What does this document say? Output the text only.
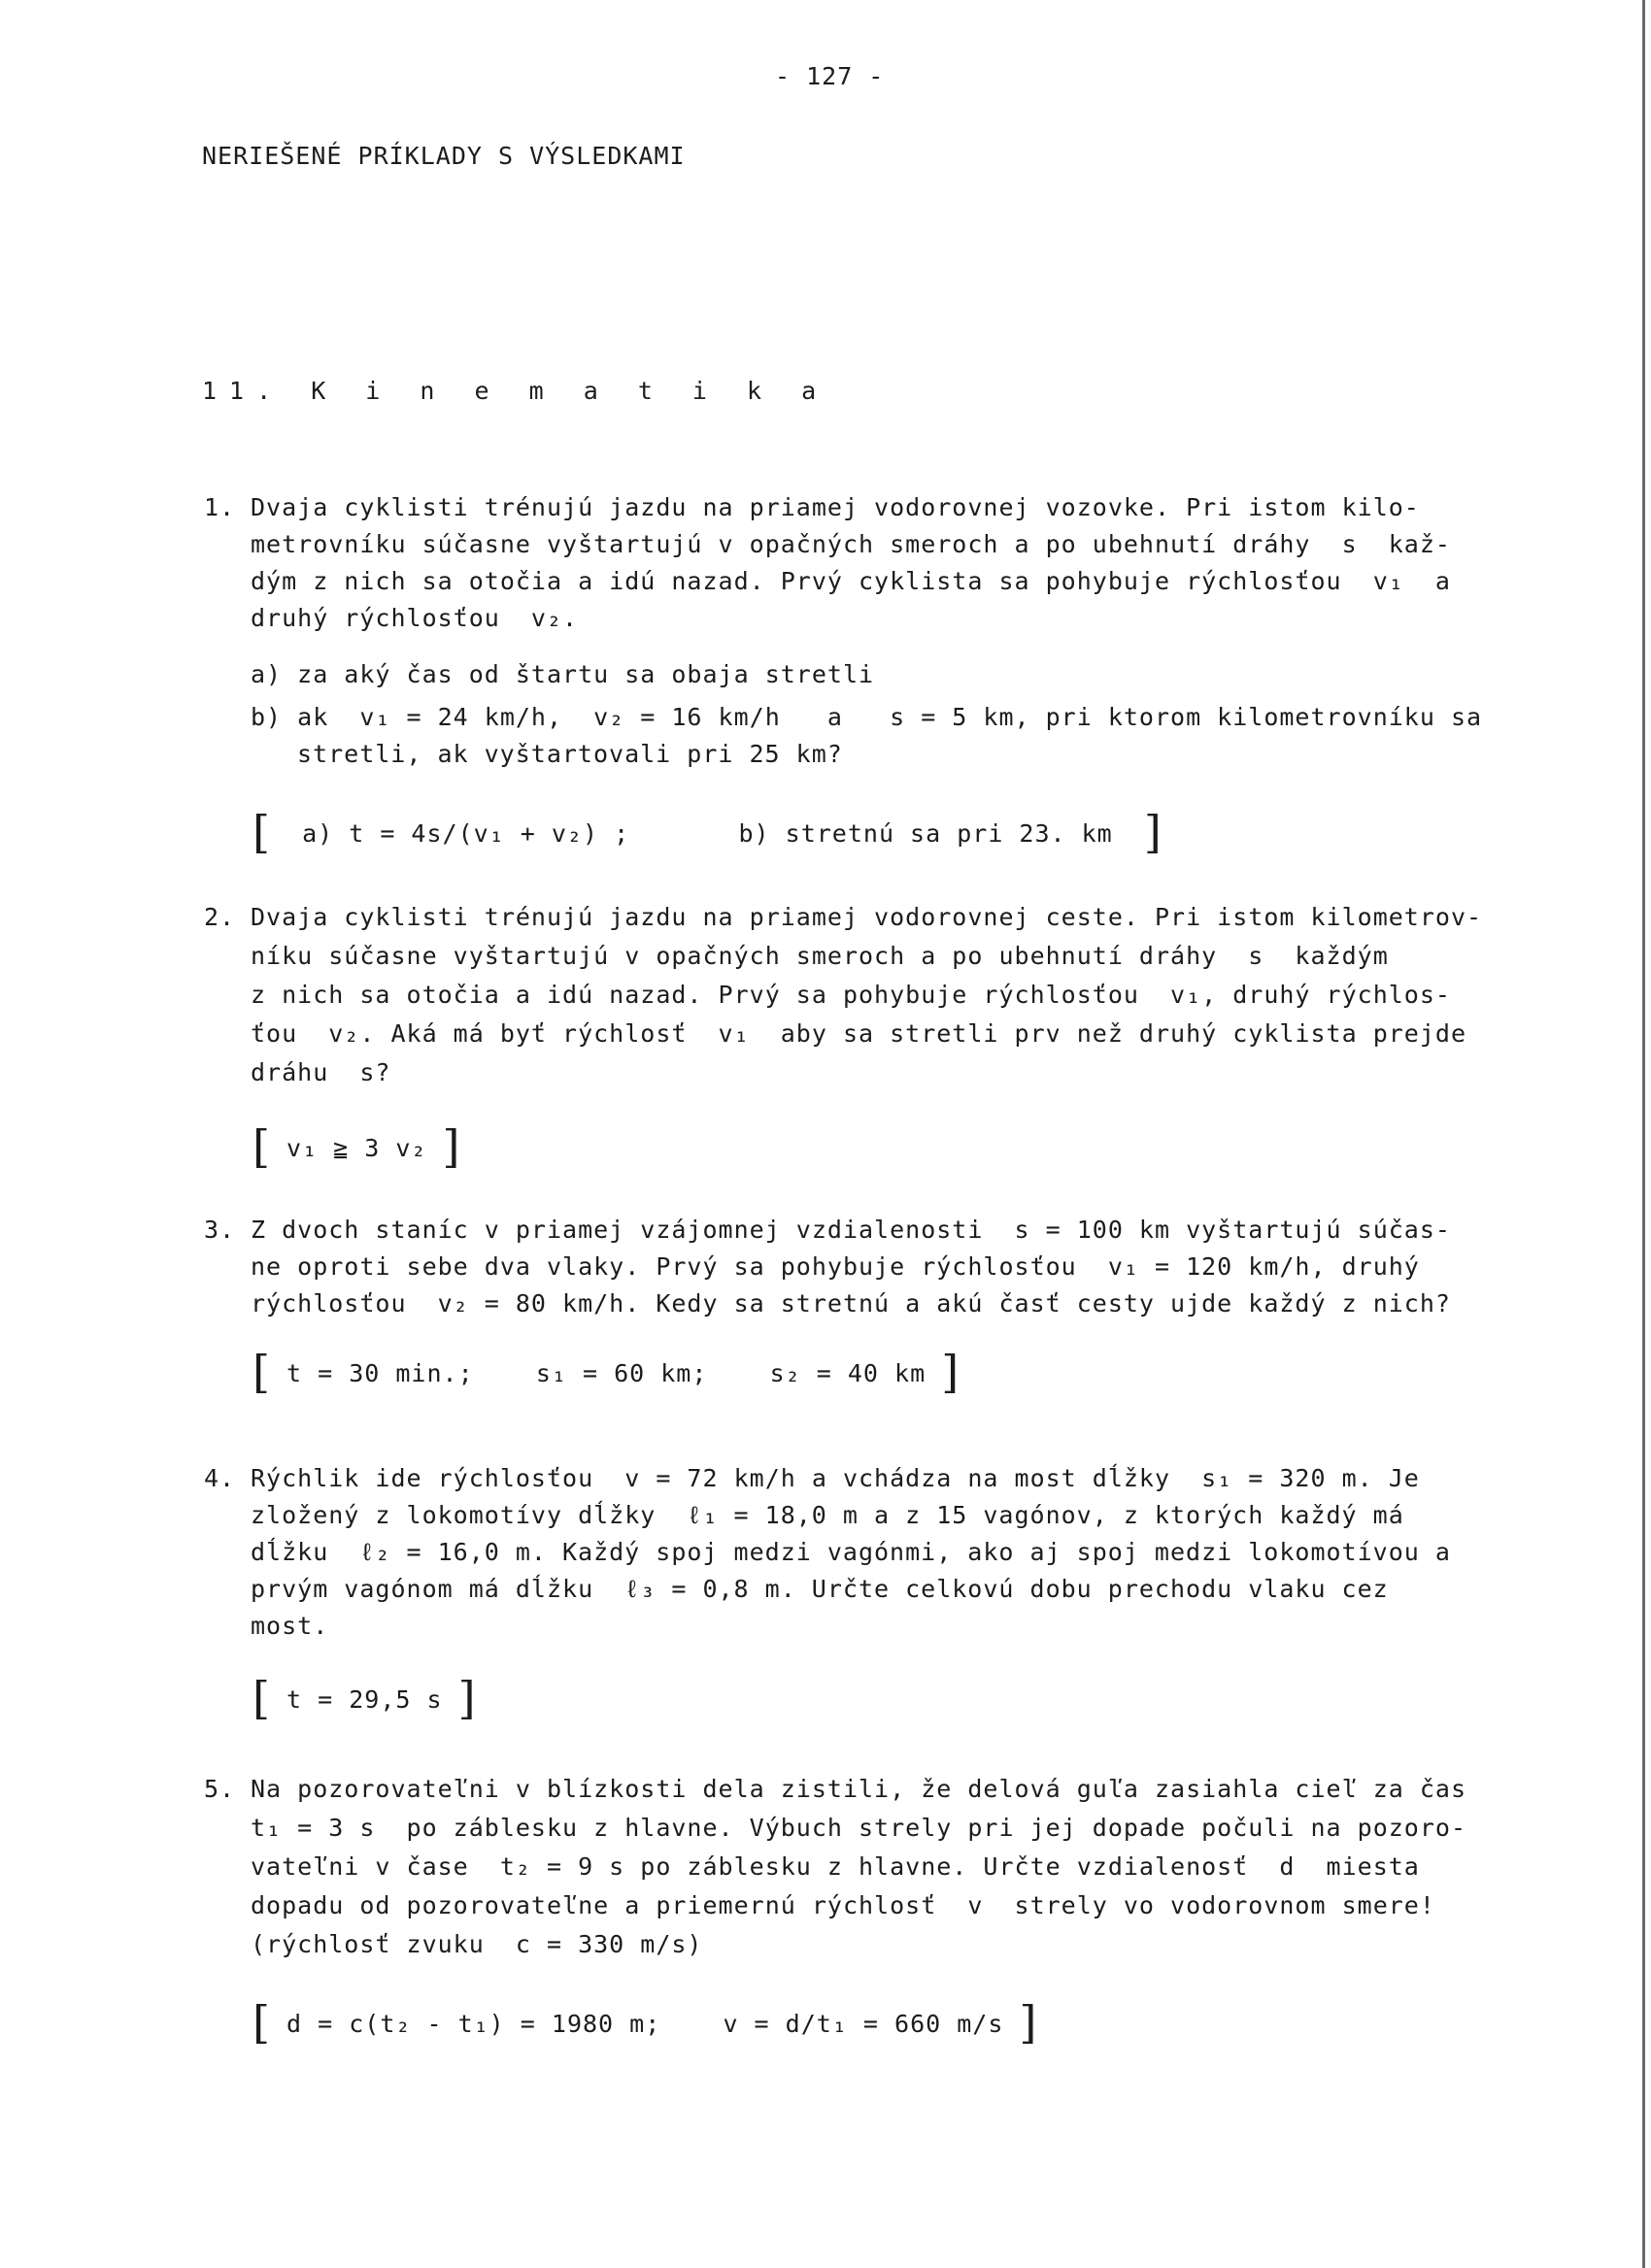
- 127 -
NERIEŠENÉ PRÍKLADY S VÝSLEDKAMI
11. K i n e m a t i k a
1. Dvaja cyklisti trénujú jazdu na priamej vodorovnej vozovke. Pri istom kilo-
metrovníku súčasne vyštartujú v opačných smeroch a po ubehnutí dráhy  s  kaž-
dým z nich sa otočia a idú nazad. Prvý cyklista sa pohybuje rýchlosťou  v₁  a
druhý rýchlosťou  v₂.
a) za aký čas od štartu sa obaja stretli
b) ak  v₁ = 24 km/h,  v₂ = 16 km/h   a   s = 5 km, pri ktorom kilometrovníku sa
stretli, ak vyštartovali pri 25 km?
[ a) t = 4s/(v₁ + v₂) ;       b) stretnú sa pri 23. km ]
2. Dvaja cyklisti trénujú jazdu na priamej vodorovnej ceste. Pri istom kilometrov-
níku súčasne vyštartujú v opačných smeroch a po ubehnutí dráhy  s  každým
z nich sa otočia a idú nazad. Prvý sa pohybuje rýchlosťou  v₁, druhý rýchlos-
ťou  v₂. Aká má byť rýchlosť  v₁  aby sa stretli prv než druhý cyklista prejde
dráhu  s?
[ v₁ ≧ 3 v₂ ]
3. Z dvoch staníc v priamej vzájomnej vzdialenosti  s = 100 km vyštartujú súčas-
ne oproti sebe dva vlaky. Prvý sa pohybuje rýchlosťou  v₁ = 120 km/h, druhý
rýchlosťou  v₂ = 80 km/h. Kedy sa stretnú a akú časť cesty ujde každý z nich?
[ t = 30 min.;    s₁ = 60 km;    s₂ = 40 km ]
4. Rýchlik ide rýchlosťou  v = 72 km/h a vchádza na most dĺžky  s₁ = 320 m. Je
zložený z lokomotívy dĺžky  ℓ₁ = 18,0 m a z 15 vagónov, z ktorých každý má
dĺžku  ℓ₂ = 16,0 m. Každý spoj medzi vagónmi, ako aj spoj medzi lokomotívou a
prvým vagónom má dĺžku  ℓ₃ = 0,8 m. Určte celkovú dobu prechodu vlaku cez
most.
[ t = 29,5 s ]
5. Na pozorovateľni v blízkosti dela zistili, že delová guľa zasiahla cieľ za čas
t₁ = 3 s  po záblesku z hlavne. Výbuch strely pri jej dopade počuli na pozoro-
vateľni v čase  t₂ = 9 s po záblesku z hlavne. Určte vzdialenosť  d  miesta
dopadu od pozorovateľne a priemernú rýchlosť  v  strely vo vodorovnom smere!
(rýchlosť zvuku  c = 330 m/s)
[ d = c(t₂ - t₁) = 1980 m;    v = d/t₁ = 660 m/s ]
